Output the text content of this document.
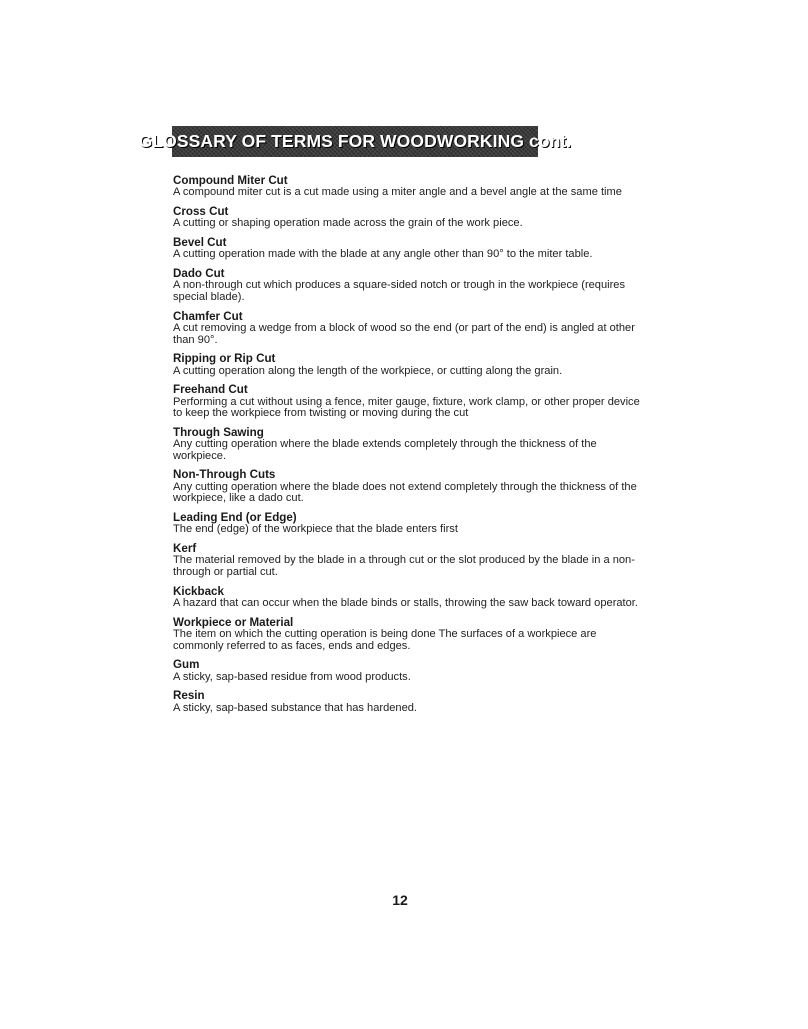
GLOSSARY OF TERMS FOR WOODWORKING cont.
Compound Miter Cut
A compound miter cut is a cut made using a miter angle and a bevel angle at the same time
Cross Cut
A cutting or shaping operation made across the grain of the work piece.
Bevel Cut
A cutting operation made with the blade at any angle other than 90° to the miter table.
Dado Cut
A non-through cut which produces a square-sided notch or trough in the workpiece (requires special blade).
Chamfer Cut
A cut removing a wedge from a block of wood so the end (or part of the end) is angled at other than 90°.
Ripping or Rip Cut
A cutting operation along the length of the workpiece, or cutting along the grain.
Freehand Cut
Performing a cut without using a fence, miter gauge, fixture, work clamp, or other proper device to keep the workpiece from twisting or moving during the cut
Through Sawing
Any cutting operation where the blade extends completely through the thickness of the workpiece.
Non-Through Cuts
Any cutting operation where the blade does not extend completely through the thickness of the workpiece, like a dado cut.
Leading End (or Edge)
The end (edge) of the workpiece that the blade enters first
Kerf
The material removed by the blade in a through cut or the slot produced by the blade in a non-through or partial cut.
Kickback
A hazard that can occur when the blade binds or stalls, throwing the saw back toward operator.
Workpiece or Material
The item on which the cutting operation is being done The surfaces of a workpiece are commonly referred to as faces, ends and edges.
Gum
A sticky, sap-based residue from wood products.
Resin
A sticky, sap-based substance that has hardened.
12
